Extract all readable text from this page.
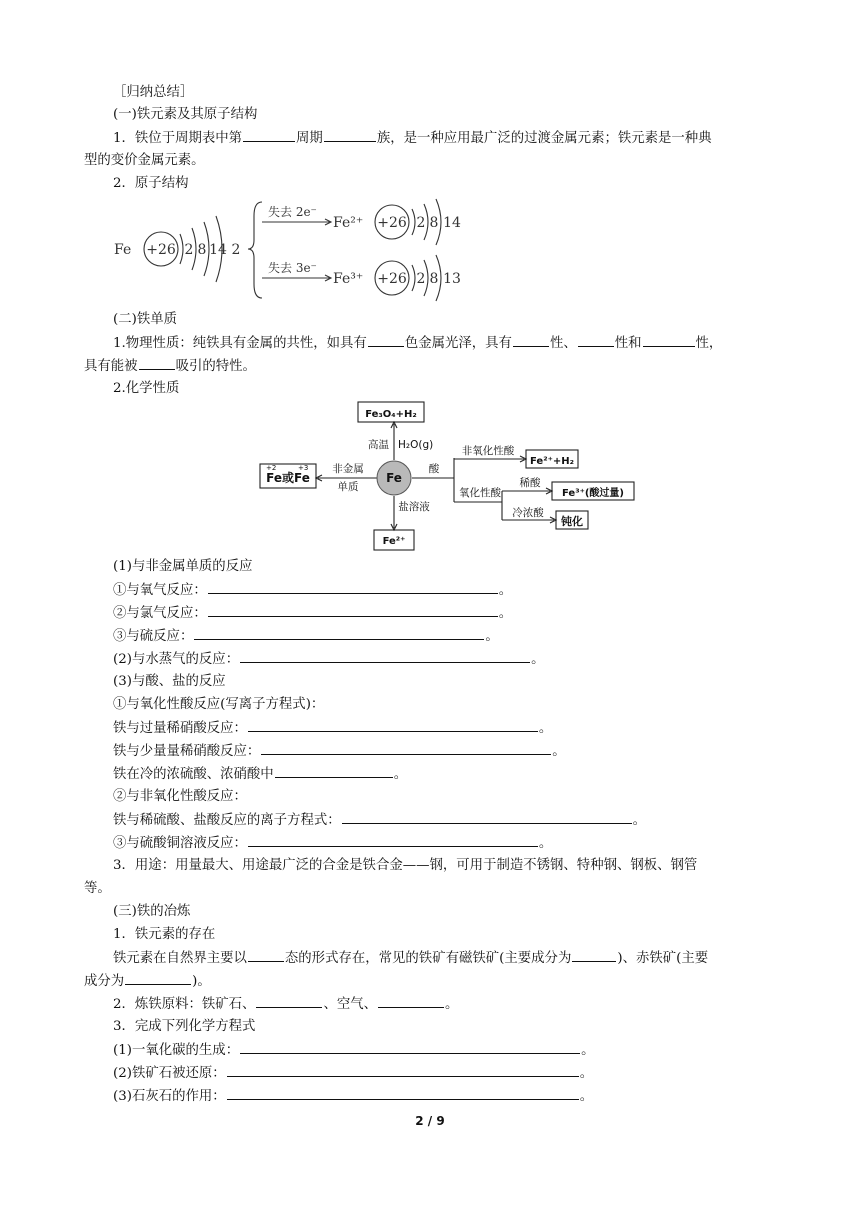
［归纳总结］
(一)铁元素及其原子结构
1．铁位于周期表中第	周期	族，是一种应用最广泛的过渡金属元素；铁元素是一种典
型的变价金属元素。
2．原子结构
Fe +26 2 8 14 2
失去 2e⁻
Fe²⁺ +26 2 8 14
失去 3e⁻
Fe³⁺ +26 2 8 13
(二)铁单质
1.物理性质：纯铁具有金属的共性，如具有	色金属光泽，具有	性、	性和	性，
具有能被	吸引的特性。
2.化学性质
Fe
Fe₃O₄+H₂
高温 H₂O(g)
Fe或Fe
+2	+3 非金属
单质
盐溶液
Fe²⁺
酸
非氧化性酸
Fe²⁺+H₂
氧化性酸
稀酸
Fe³⁺(酸过量)
冷浓酸
钝化
(1)与非金属单质的反应
①与氧气反应：	。
②与氯气反应：	。
③与硫反应：	。
(2)与水蒸气的反应：	。
(3)与酸、盐的反应
①与氧化性酸反应(写离子方程式)：
铁与过量稀硝酸反应：	。
铁与少量量稀硝酸反应：	。
铁在冷的浓硫酸、浓硝酸中	。
②与非氧化性酸反应：
铁与稀硫酸、盐酸反应的离子方程式：	。
③与硫酸铜溶液反应：	。
3．用途：用量最大、用途最广泛的合金是铁合金——钢，可用于制造不锈钢、特种钢、钢板、钢管
等。
(三)铁的冶炼
1．铁元素的存在
铁元素在自然界主要以	态的形式存在，常见的铁矿有磁铁矿(主要成分为	)、赤铁矿(主要
成分为	)。
2．炼铁原料：铁矿石、	、空气、	。
3．完成下列化学方程式
(1)一氧化碳的生成：	。
(2)铁矿石被还原：	。
(3)石灰石的作用：	。
2 / 9
